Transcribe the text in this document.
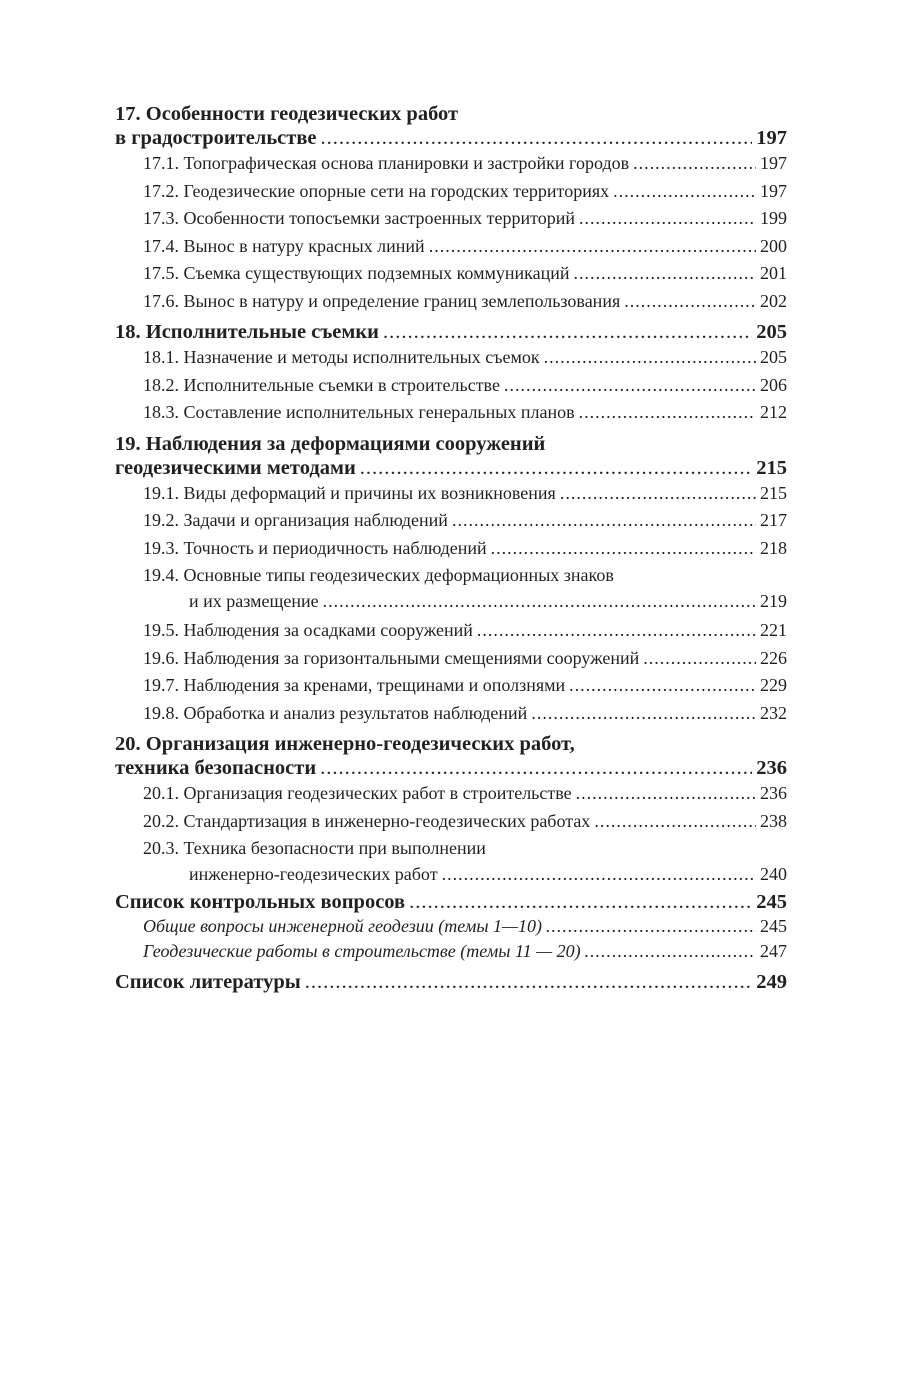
17. Особенности геодезических работ
в градостроительстве .....	197
17.1. Топографическая основа планировки и застройки городов .....	197
17.2. Геодезические опорные сети на городских территориях .....	197
17.3. Особенности топосъемки застроенных территорий .....	199
17.4. Вынос в натуру красных линий .....	200
17.5. Съемка существующих подземных коммуникаций .....	201
17.6. Вынос в натуру и определение границ землепользования .....	202
18. Исполнительные съемки .....	205
18.1. Назначение и методы исполнительных съемок .....	205
18.2. Исполнительные съемки в строительстве .....	206
18.3. Составление исполнительных генеральных планов .....	212
19. Наблюдения за деформациями сооружений
геодезическими методами .....	215
19.1. Виды деформаций и причины их возникновения .....	215
19.2. Задачи и организация наблюдений .....	217
19.3. Точность и периодичность наблюдений .....	218
19.4. Основные типы геодезических деформационных знаков
и их размещение .....	219
19.5. Наблюдения за осадками сооружений .....	221
19.6. Наблюдения за горизонтальными смещениями сооружений .....	226
19.7. Наблюдения за кренами, трещинами и оползнями .....	229
19.8. Обработка и анализ результатов наблюдений .....	232
20. Организация инженерно-геодезических работ,
техника безопасности .....	236
20.1. Организация геодезических работ в строительстве .....	236
20.2. Стандартизация в инженерно-геодезических работах .....	238
20.3. Техника безопасности при выполнении
инженерно-геодезических работ .....	240
Список контрольных вопросов .....	245
Общие вопросы инженерной геодезии (темы 1—10) .....	245
Геодезические работы в строительстве (темы 11 — 20) .....	247
Список литературы .....	249
